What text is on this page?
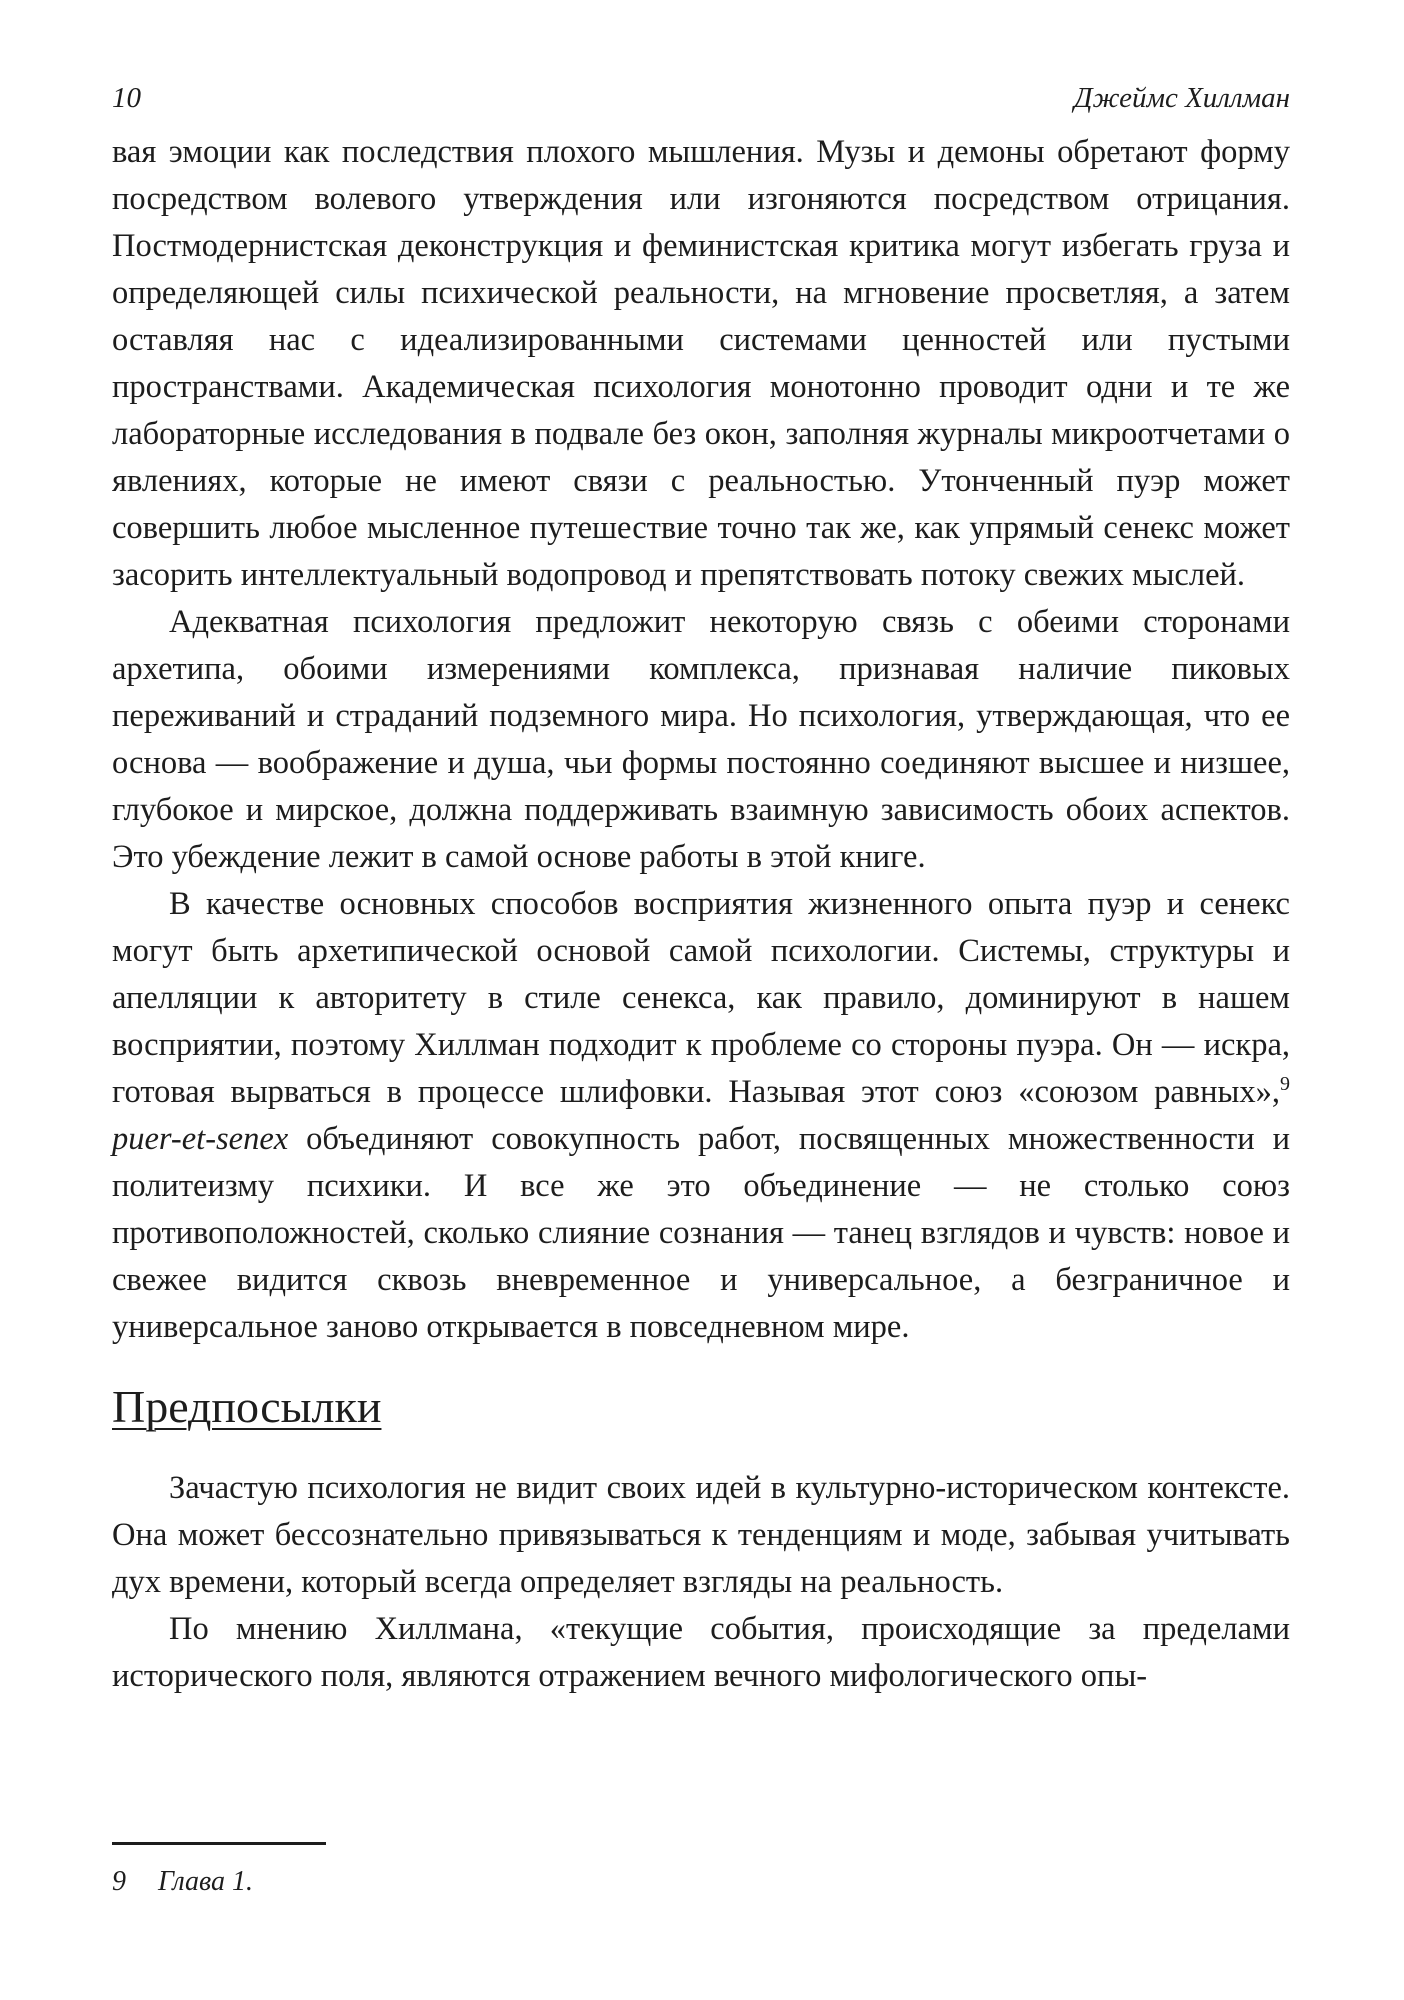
10	Джеймс Хиллман

вая эмоции как последствия плохого мышления. Музы и демоны обретают форму посредством волевого утверждения или изгоняются посредством отрицания. Постмодернистская деконструкция и феминистская критика могут избегать груза и определяющей силы психической реальности, на мгновение просветляя, а затем оставляя нас с идеализированными системами ценностей или пустыми пространствами. Академическая психология монотонно проводит одни и те же лабораторные исследования в подвале без окон, заполняя журналы микроотчетами о явлениях, которые не имеют связи с реальностью. Утонченный пуэр может совершить любое мысленное путешествие точно так же, как упрямый сенекс может засорить интеллектуальный водопровод и препятствовать потоку свежих мыслей.

Адекватная психология предложит некоторую связь с обеими сторонами архетипа, обоими измерениями комплекса, признавая наличие пиковых переживаний и страданий подземного мира. Но психология, утверждающая, что ее основа — воображение и душа, чьи формы постоянно соединяют высшее и низшее, глубокое и мирское, должна поддерживать взаимную зависимость обоих аспектов. Это убеждение лежит в самой основе работы в этой книге.

В качестве основных способов восприятия жизненного опыта пуэр и сенекс могут быть архетипической основой самой психологии. Системы, структуры и апелляции к авторитету в стиле сенекса, как правило, доминируют в нашем восприятии, поэтому Хиллман подходит к проблеме со стороны пуэра. Он — искра, готовая вырваться в процессе шлифовки. Называя этот союз «союзом равных»,$^9$ puer-et-senex объединяют совокупность работ, посвященных множественности и политеизму психики. И все же это объединение — не столько союз противоположностей, сколько слияние сознания — танец взглядов и чувств: новое и свежее видится сквозь вневременное и универсальное, а безграничное и универсальное заново открывается в повседневном мире.

Предпосылки

Зачастую психология не видит своих идей в культурно-историческом контексте. Она может бессознательно привязываться к тенденциям и моде, забывая учитывать дух времени, который всегда определяет взгляды на реальность.

По мнению Хиллмана, «текущие события, происходящие за пределами исторического поля, являются отражением вечного мифологического опы-

9 Глава 1.
